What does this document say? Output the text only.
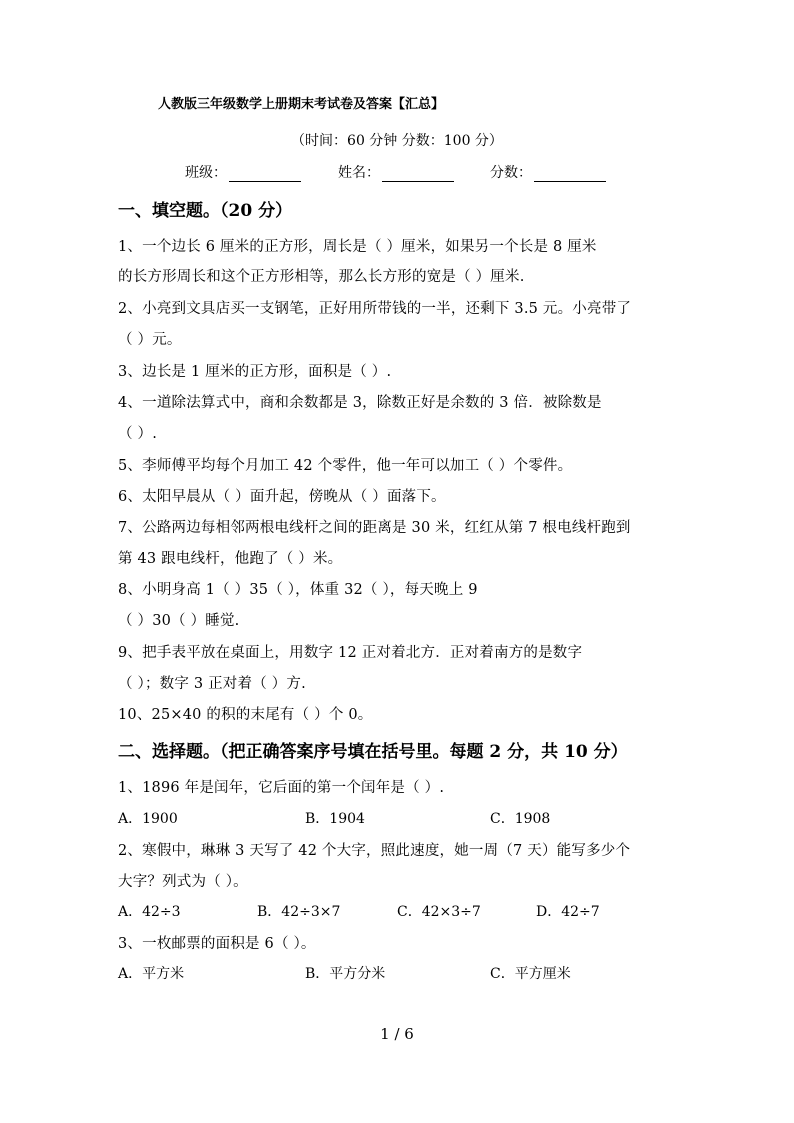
人教版三年级数学上册期末考试卷及答案【汇总】
（时间：60 分钟 分数：100 分）
班级：	姓名：	分数：
一、填空题。（20 分）
1、一个边长 6 厘米的正方形，周长是（ ）厘米，如果另一个长是 8 厘米
的长方形周长和这个正方形相等，那么长方形的宽是（ ）厘米.
2、小亮到文具店买一支钢笔，正好用所带钱的一半，还剩下 3.5 元。小亮带了
（ ）元。
3、边长是 1 厘米的正方形，面积是（ ）.
4、一道除法算式中，商和余数都是 3，除数正好是余数的 3 倍．被除数是
（ ）.
5、李师傅平均每个月加工 42 个零件，他一年可以加工（ ）个零件。
6、太阳早晨从（ ）面升起，傍晚从（ ）面落下。
7、公路两边每相邻两根电线杆之间的距离是 30 米，红红从第 7 根电线杆跑到
第 43 跟电线杆，他跑了（ ）米。
8、小明身高 1（ ）35（ ），体重 32（ ），每天晚上 9
（ ）30（ ）睡觉.
9、把手表平放在桌面上，用数字 12 正对着北方．正对着南方的是数字
（ ）；数字 3 正对着（ ）方.
10、25×40 的积的末尾有（ ）个 0。
二、选择题。（把正确答案序号填在括号里。每题 2 分，共 10 分）
1、1896 年是闰年，它后面的第一个闰年是（ ）.
A．1900	B．1904	C．1908
2、寒假中，琳琳 3 天写了 42 个大字，照此速度，她一周（7 天）能写多少个
大字？列式为（ ）。
A．42÷3	B．42÷3×7	C．42×3÷7	D．42÷7
3、一枚邮票的面积是 6（ ）。
A．平方米	B．平方分米	C．平方厘米
1 / 6
